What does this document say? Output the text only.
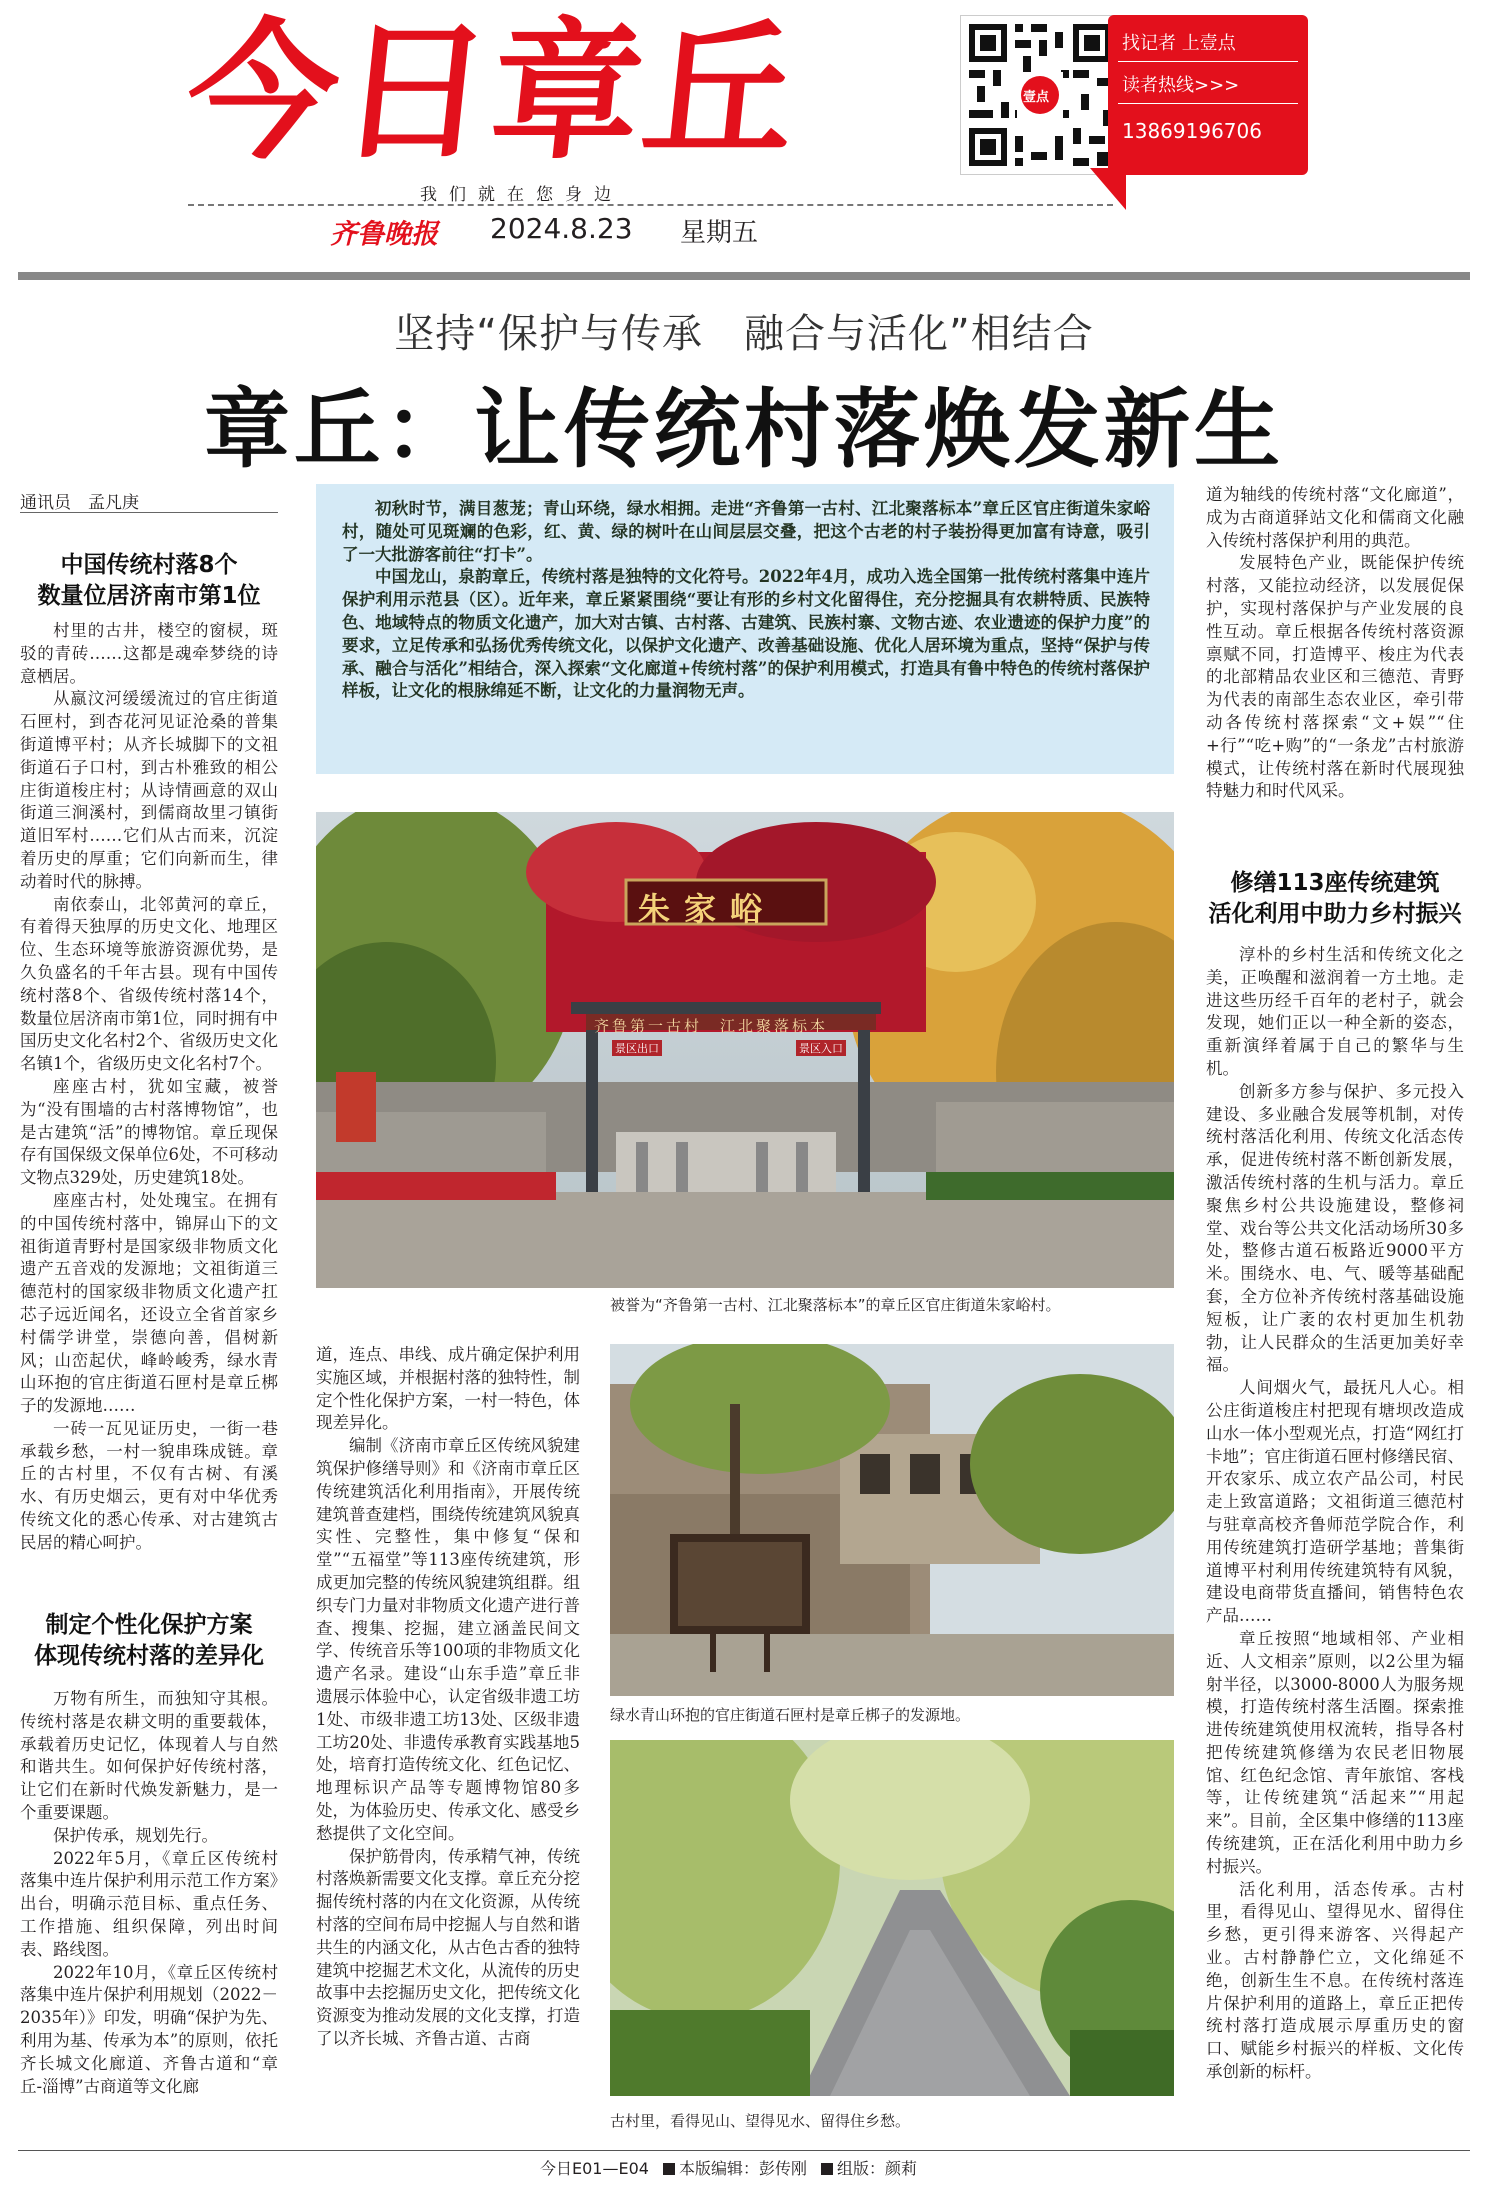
今日章丘
我们就在您身边
齐鲁晚报 2024.8.23 星期五
壹点
找记者 上壹点
读者热线>>>
13869196706
坚持“保护与传承　融合与活化”相结合
章丘：让传统村落焕发新生
通讯员　孟凡庚
中国传统村落8个
数量位居济南市第1位

村里的古井，楼空的窗棂，斑驳的青砖……这都是魂牵梦绕的诗意栖居。

从嬴汶河缓缓流过的官庄街道石匣村，到杏花河见证沧桑的普集街道博平村；从齐长城脚下的文祖街道石子口村，到古朴雅致的相公庄街道梭庄村；从诗情画意的双山街道三涧溪村，到儒商故里刁镇街道旧军村……它们从古而来，沉淀着历史的厚重；它们向新而生，律动着时代的脉搏。

南依泰山，北邻黄河的章丘，有着得天独厚的历史文化、地理区位、生态环境等旅游资源优势，是久负盛名的千年古县。现有中国传统村落8个、省级传统村落14个，数量位居济南市第1位，同时拥有中国历史文化名村2个、省级历史文化名镇1个，省级历史文化名村7个。

座座古村，犹如宝藏，被誉为“没有围墙的古村落博物馆”，也是古建筑“活”的博物馆。章丘现保存有国保级文保单位6处，不可移动文物点329处，历史建筑18处。

座座古村，处处瑰宝。在拥有的中国传统村落中，锦屏山下的文祖街道青野村是国家级非物质文化遗产五音戏的发源地；文祖街道三德范村的国家级非物质文化遗产扛芯子远近闻名，还设立全省首家乡村儒学讲堂，崇德向善，倡树新风；山峦起伏，峰岭峻秀，绿水青山环抱的官庄街道石匣村是章丘梆子的发源地……

一砖一瓦见证历史，一街一巷承载乡愁，一村一貌串珠成链。章丘的古村里，不仅有古树、有溪水、有历史烟云，更有对中华优秀传统文化的悉心传承、对古建筑古民居的精心呵护。

制定个性化保护方案
体现传统村落的差异化

万物有所生，而独知守其根。传统村落是农耕文明的重要载体，承载着历史记忆，体现着人与自然和谐共生。如何保护好传统村落，让它们在新时代焕发新魅力，是一个重要课题。

保护传承，规划先行。

2022年5月，《章丘区传统村落集中连片保护利用示范工作方案》出台，明确示范目标、重点任务、工作措施、组织保障，列出时间表、路线图。

2022年10月，《章丘区传统村落集中连片保护利用规划（2022－2035年）》印发，明确“保护为先、利用为基、传承为本”的原则，依托齐长城文化廊道、齐鲁古道和“章丘-淄博”古商道等文化廊

初秋时节，满目葱茏；青山环绕，绿水相拥。走进“齐鲁第一古村、江北聚落标本”章丘区官庄街道朱家峪村，随处可见斑斓的色彩，红、黄、绿的树叶在山间层层交叠，把这个古老的村子装扮得更加富有诗意，吸引了一大批游客前往“打卡”。

中国龙山，泉韵章丘，传统村落是独特的文化符号。2022年4月，成功入选全国第一批传统村落集中连片保护利用示范县（区）。近年来，章丘紧紧围绕“要让有形的乡村文化留得住，充分挖掘具有农耕特质、民族特色、地域特点的物质文化遗产，加大对古镇、古村落、古建筑、民族村寨、文物古迹、农业遗迹的保护力度”的要求，立足传承和弘扬优秀传统文化，以保护文化遗产、改善基础设施、优化人居环境为重点，坚持“保护与传承、融合与活化”相结合，深入探索“文化廊道+传统村落”的保护利用模式，打造具有鲁中特色的传统村落保护样板，让文化的根脉绵延不断，让文化的力量润物无声。

朱家峪
齐鲁第一古村　江北聚落标本
景区出口	景区入口
被誉为“齐鲁第一古村、江北聚落标本”的章丘区官庄街道朱家峪村。

道，连点、串线、成片确定保护利用实施区域，并根据村落的独特性，制定个性化保护方案，一村一特色，体现差异化。

编制《济南市章丘区传统风貌建筑保护修缮导则》和《济南市章丘区传统建筑活化利用指南》，开展传统建筑普查建档，围绕传统建筑风貌真实性、完整性，集中修复“保和堂”“五福堂”等113座传统建筑，形成更加完整的传统风貌建筑组群。组织专门力量对非物质文化遗产进行普查、搜集、挖掘，建立涵盖民间文学、传统音乐等100项的非物质文化遗产名录。建设“山东手造”章丘非遗展示体验中心，认定省级非遗工坊1处、市级非遗工坊13处、区级非遗工坊20处、非遗传承教育实践基地5处，培育打造传统文化、红色记忆、地理标识产品等专题博物馆80多处，为体验历史、传承文化、感受乡愁提供了文化空间。

保护筋骨肉，传承精气神，传统村落焕新需要文化支撑。章丘充分挖掘传统村落的内在文化资源，从传统村落的空间布局中挖掘人与自然和谐共生的内涵文化，从古色古香的独特建筑中挖掘艺术文化，从流传的历史故事中去挖掘历史文化，把传统文化资源变为推动发展的文化支撑，打造了以齐长城、齐鲁古道、古商

绿水青山环抱的官庄街道石匣村是章丘梆子的发源地。
古村里，看得见山、望得见水、留得住乡愁。

道为轴线的传统村落“文化廊道”，成为古商道驿站文化和儒商文化融入传统村落保护利用的典范。

发展特色产业，既能保护传统村落，又能拉动经济，以发展促保护，实现村落保护与产业发展的良性互动。章丘根据各传统村落资源禀赋不同，打造博平、梭庄为代表的北部精品农业区和三德范、青野为代表的南部生态农业区，牵引带动各传统村落探索“文+娱”“住+行”“吃+购”的“一条龙”古村旅游模式，让传统村落在新时代展现独特魅力和时代风采。

修缮113座传统建筑
活化利用中助力乡村振兴

淳朴的乡村生活和传统文化之美，正唤醒和滋润着一方土地。走进这些历经千百年的老村子，就会发现，她们正以一种全新的姿态，重新演绎着属于自己的繁华与生机。

创新多方参与保护、多元投入建设、多业融合发展等机制，对传统村落活化利用、传统文化活态传承，促进传统村落不断创新发展，激活传统村落的生机与活力。章丘聚焦乡村公共设施建设，整修祠堂、戏台等公共文化活动场所30多处，整修古道石板路近9000平方米。围绕水、电、气、暖等基础配套，全方位补齐传统村落基础设施短板，让广袤的农村更加生机勃勃，让人民群众的生活更加美好幸福。

人间烟火气，最抚凡人心。相公庄街道梭庄村把现有塘坝改造成山水一体小型观光点，打造“网红打卡地”；官庄街道石匣村修缮民宿、开农家乐、成立农产品公司，村民走上致富道路；文祖街道三德范村与驻章高校齐鲁师范学院合作，利用传统建筑打造研学基地；普集街道博平村利用传统建筑特有风貌，建设电商带货直播间，销售特色农产品……

章丘按照“地域相邻、产业相近、人文相亲”原则，以2公里为辐射半径，以3000-8000人为服务规模，打造传统村落生活圈。探索推进传统建筑使用权流转，指导各村把传统建筑修缮为农民老旧物展馆、红色纪念馆、青年旅馆、客栈等，让传统建筑“活起来”“用起来”。目前，全区集中修缮的113座传统建筑，正在活化利用中助力乡村振兴。

活化利用，活态传承。古村里，看得见山、望得见水、留得住乡愁，更引得来游客、兴得起产业。古村静静伫立，文化绵延不绝，创新生生不息。在传统村落连片保护利用的道路上，章丘正把传统村落打造成展示厚重历史的窗口、赋能乡村振兴的样板、文化传承创新的标杆。

今日E01—E04 本版编辑：彭传刚 组版：颜莉
